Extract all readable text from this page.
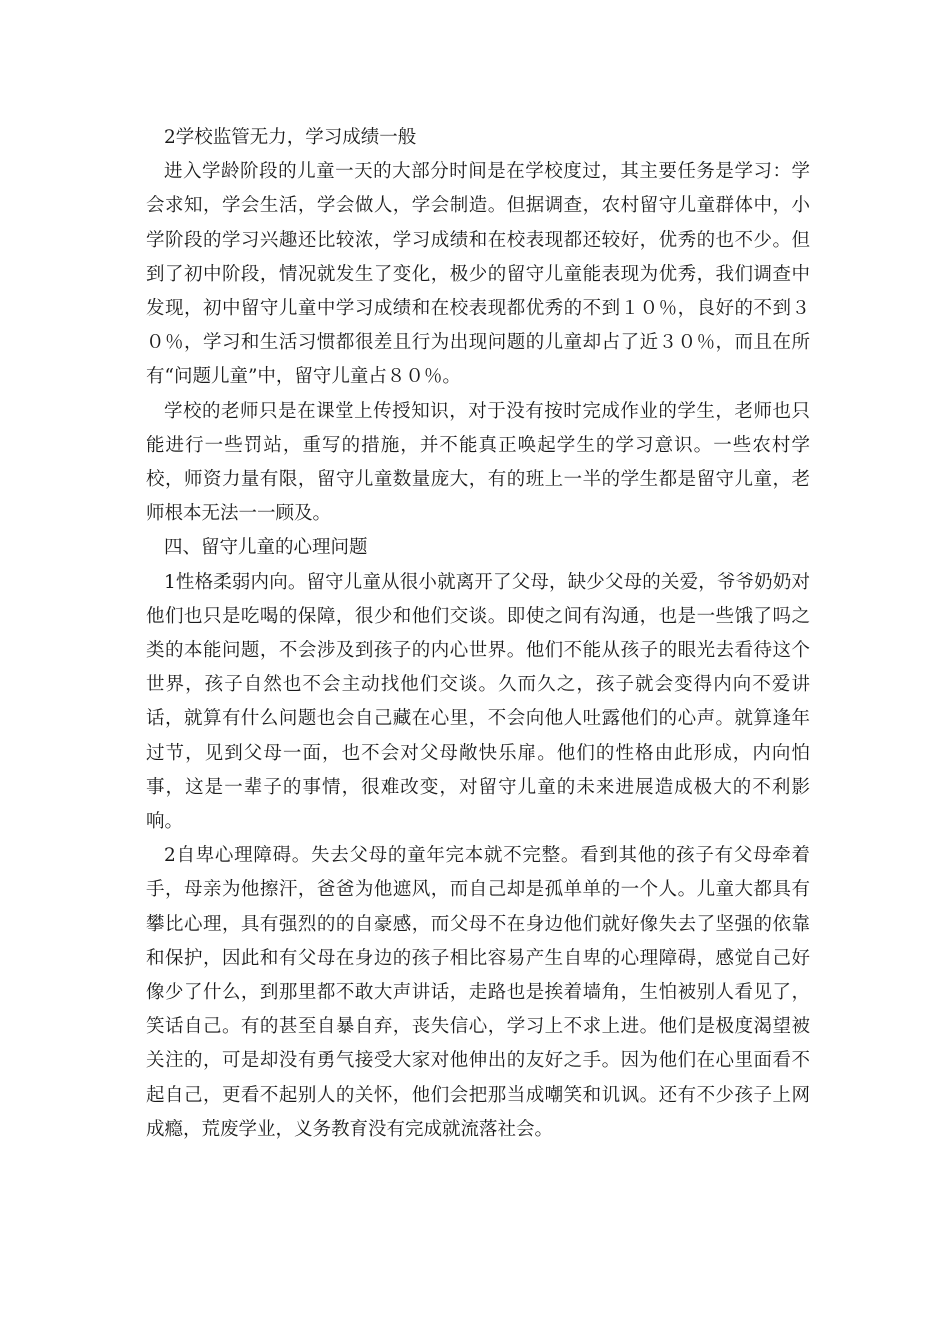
2学校监管无力，学习成绩一般

进入学龄阶段的儿童一天的大部分时间是在学校度过，其主要任务是学习：学会求知，学会生活，学会做人，学会制造。但据调查，农村留守儿童群体中，小学阶段的学习兴趣还比较浓，学习成绩和在校表现都还较好，优秀的也不少。但到了初中阶段，情况就发生了变化，极少的留守儿童能表现为优秀，我们调查中发现，初中留守儿童中学习成绩和在校表现都优秀的不到１０％，良好的不到３０％，学习和生活习惯都很差且行为出现问题的儿童却占了近３０％，而且在所有“问题儿童”中，留守儿童占８０％。

学校的老师只是在课堂上传授知识，对于没有按时完成作业的学生，老师也只能进行一些罚站，重写的措施，并不能真正唤起学生的学习意识。一些农村学校，师资力量有限，留守儿童数量庞大，有的班上一半的学生都是留守儿童，老师根本无法一一顾及。

四、留守儿童的心理问题

1性格柔弱内向。留守儿童从很小就离开了父母，缺少父母的关爱，爷爷奶奶对他们也只是吃喝的保障，很少和他们交谈。即使之间有沟通，也是一些饿了吗之类的本能问题，不会涉及到孩子的内心世界。他们不能从孩子的眼光去看待这个世界，孩子自然也不会主动找他们交谈。久而久之，孩子就会变得内向不爱讲话，就算有什么问题也会自己藏在心里，不会向他人吐露他们的心声。就算逢年过节，见到父母一面，也不会对父母敞快乐扉。他们的性格由此形成，内向怕事，这是一辈子的事情，很难改变，对留守儿童的未来进展造成极大的不利影响。

2自卑心理障碍。失去父母的童年完本就不完整。看到其他的孩子有父母牵着手，母亲为他擦汗，爸爸为他遮风，而自己却是孤单单的一个人。儿童大都具有攀比心理，具有强烈的的自豪感，而父母不在身边他们就好像失去了坚强的依靠和保护，因此和有父母在身边的孩子相比容易产生自卑的心理障碍，感觉自己好像少了什么，到那里都不敢大声讲话，走路也是挨着墙角，生怕被别人看见了，笑话自己。有的甚至自暴自弃，丧失信心，学习上不求上进。他们是极度渴望被关注的，可是却没有勇气接受大家对他伸出的友好之手。因为他们在心里面看不起自己，更看不起别人的关怀，他们会把那当成嘲笑和讥讽。还有不少孩子上网成瘾，荒废学业，义务教育没有完成就流落社会。
